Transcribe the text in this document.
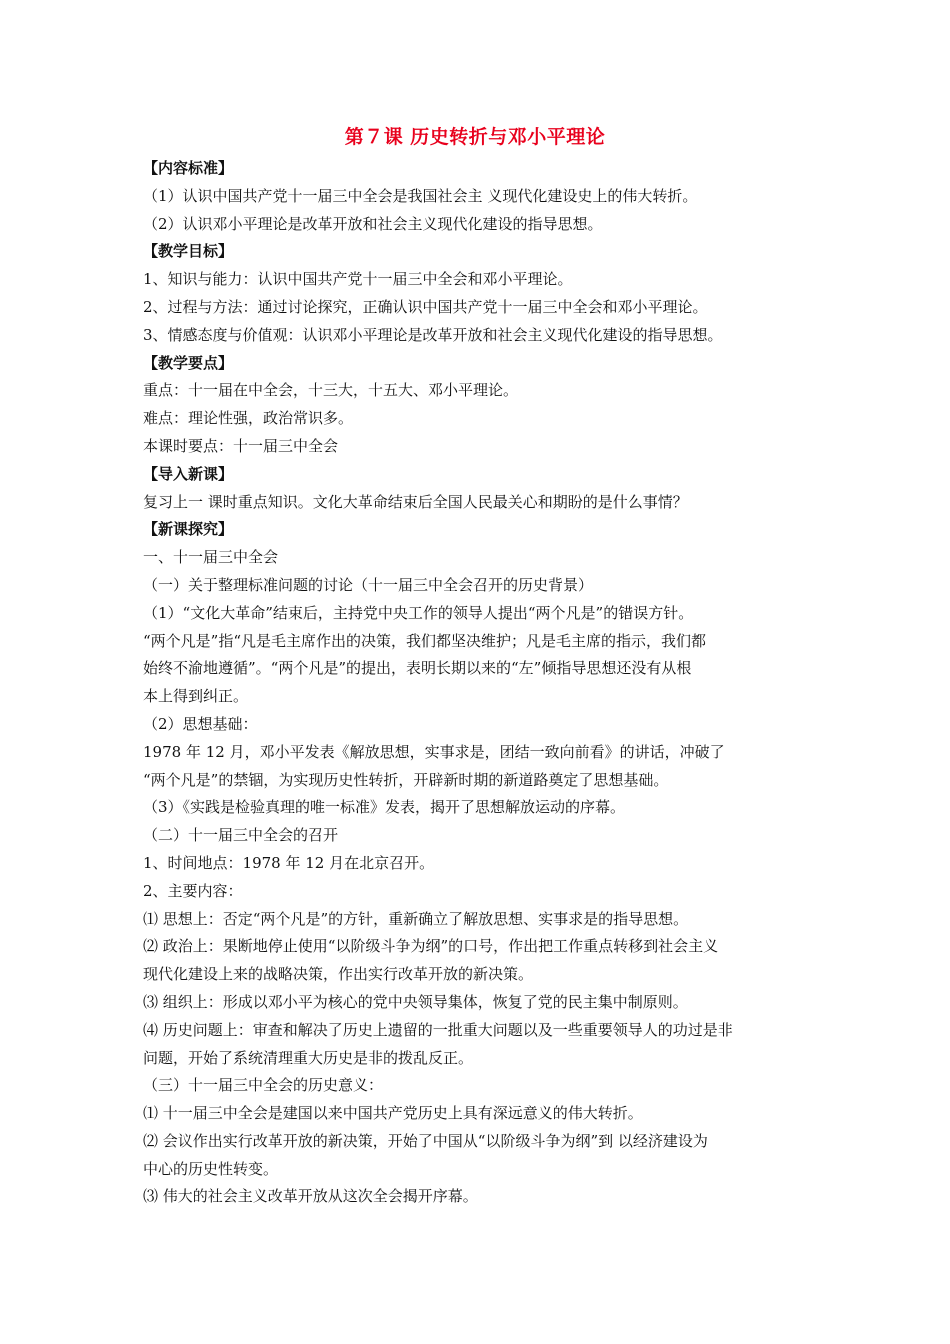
第７课 历史转折与邓小平理论
【内容标准】
（1）认识中国共产党十一届三中全会是我国社会主 义现代化建设史上的伟大转折。
（2）认识邓小平理论是改革开放和社会主义现代化建设的指导思想。
【教学目标】
1、知识与能力：认识中国共产党十一届三中全会和邓小平理论。
2、过程与方法：通过讨论探究，正确认识中国共产党十一届三中全会和邓小平理论。
3、情感态度与价值观：认识邓小平理论是改革开放和社会主义现代化建设的指导思想。
【教学要点】
重点：十一届在中全会，十三大，十五大、邓小平理论。
难点：理论性强，政治常识多。
本课时要点：十一届三中全会
【导入新课】
复习上一 课时重点知识。文化大革命结束后全国人民最关心和期盼的是什么事情？
【新课探究】
一、十一届三中全会
（一）关于整理标准问题的讨论（十一届三中全会召开的历史背景）
（1）“文化大革命”结束后，主持党中央工作的领导人提出“两个凡是”的错误方针。
“两个凡是”指“凡是毛主席作出的决策，我们都坚决维护；凡是毛主席的指示，我们都
始终不渝地遵循”。“两个凡是”的提出，表明长期以来的“左”倾指导思想还没有从根
本上得到纠正。
（2）思想基础：
1978 年 12 月，邓小平发表《解放思想，实事求是，团结一致向前看》的讲话，冲破了
“两个凡是”的禁锢，为实现历史性转折，开辟新时期的新道路奠定了思想基础。
（3）《实践是检验真理的唯一标准》发表，揭开了思想解放运动的序幕。
（二）十一届三中全会的召开
1、时间地点：1978 年 12 月在北京召开。
2、主要内容：
⑴ 思想上：否定“两个凡是”的方针，重新确立了解放思想、实事求是的指导思想。
⑵ 政治上：果断地停止使用“以阶级斗争为纲”的口号，作出把工作重点转移到社会主义
现代化建设上来的战略决策，作出实行改革开放的新决策。
⑶ 组织上：形成以邓小平为核心的党中央领导集体，恢复了党的民主集中制原则。
⑷ 历史问题上：审查和解决了历史上遗留的一批重大问题以及一些重要领导人的功过是非
问题，开始了系统清理重大历史是非的拨乱反正。
（三）十一届三中全会的历史意义：
⑴ 十一届三中全会是建国以来中国共产党历史上具有深远意义的伟大转折。
⑵ 会议作出实行改革开放的新决策，开始了中国从“以阶级斗争为纲”到 以经济建设为
中心的历史性转变。
⑶ 伟大的社会主义改革开放从这次全会揭开序幕。
